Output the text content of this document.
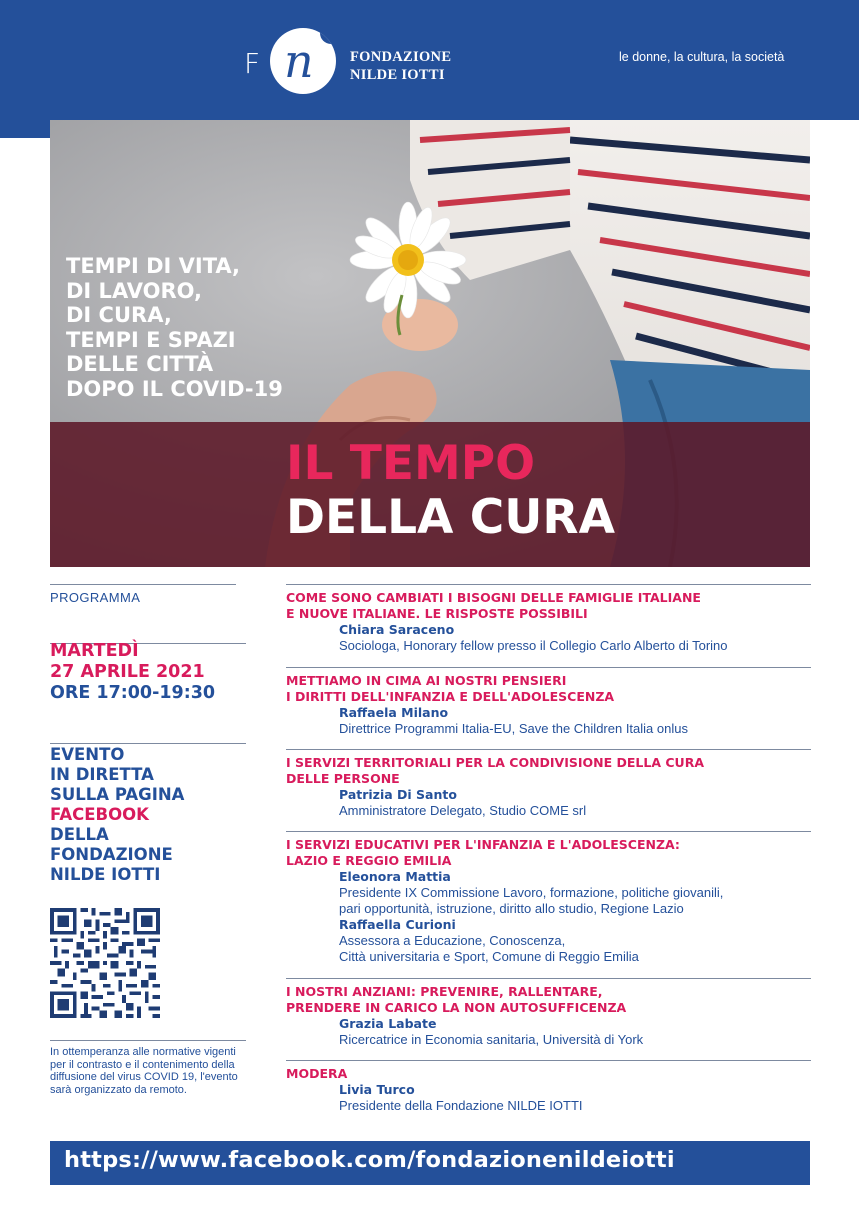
F n	FONDAZIONE
NILDE IOTTI
le donne, la cultura, la società
TEMPI DI VITA,
DI LAVORO,
DI CURA,
TEMPI E SPAZI
DELLE CITTÀ
DOPO IL COVID-19
IL TEMPO
DELLA CURA
PROGRAMMA
MARTEDÌ
27 APRILE 2021
ORE 17:00-19:30
EVENTO
IN DIRETTA
SULLA PAGINA
FACEBOOK
DELLA
FONDAZIONE
NILDE IOTTI
In ottemperanza alle normative vigenti per il contrasto e il contenimento della diffusione del virus COVID 19, l'evento sarà organizzato da remoto.
COME SONO CAMBIATI I BISOGNI DELLE FAMIGLIE ITALIANE
E NUOVE ITALIANE. LE RISPOSTE POSSIBILI
Chiara Saraceno
Sociologa, Honorary fellow presso il Collegio Carlo Alberto di Torino
METTIAMO IN CIMA AI NOSTRI PENSIERI
I DIRITTI DELL'INFANZIA E DELL'ADOLESCENZA
Raffaela Milano
Direttrice Programmi Italia-EU, Save the Children Italia onlus
I SERVIZI TERRITORIALI PER LA CONDIVISIONE DELLA CURA
DELLE PERSONE
Patrizia Di Santo
Amministratore Delegato, Studio COME srl
I SERVIZI EDUCATIVI PER L'INFANZIA E L'ADOLESCENZA:
LAZIO E REGGIO EMILIA
Eleonora Mattia
Presidente IX Commissione Lavoro, formazione, politiche giovanili,
pari opportunità, istruzione, diritto allo studio, Regione Lazio
Raffaella Curioni
Assessora a Educazione, Conoscenza,
Città universitaria e Sport, Comune di Reggio Emilia
I NOSTRI ANZIANI: PREVENIRE, RALLENTARE,
PRENDERE IN CARICO LA NON AUTOSUFFICENZA
Grazia Labate
Ricercatrice in Economia sanitaria, Università di York
MODERA
Livia Turco
Presidente della Fondazione NILDE IOTTI
https://www.facebook.com/fondazionenildeiotti
